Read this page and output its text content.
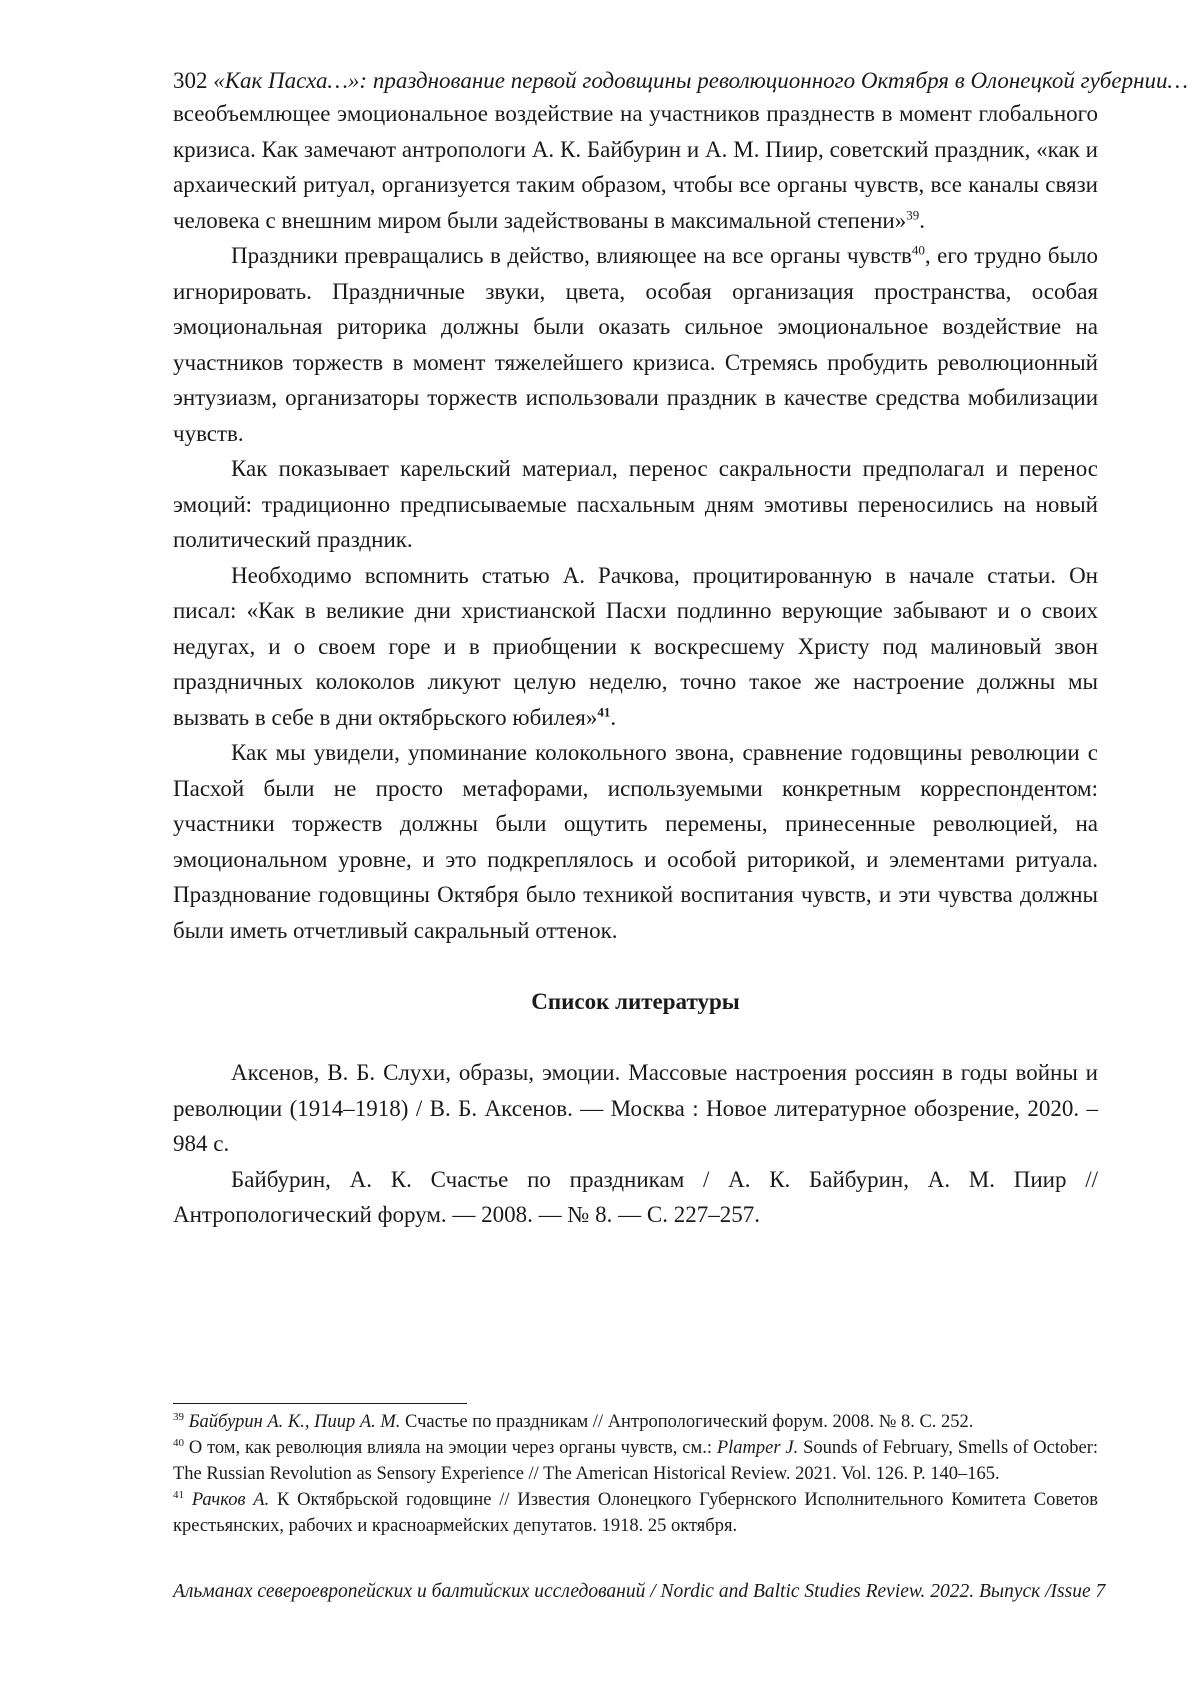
302 «Как Пасха…»: празднование первой годовщины революционного Октября в Олонецкой губернии…

всеобъемлющее эмоциональное воздействие на участников празднеств в момент глобального кризиса. Как замечают антропологи А. К. Байбурин и А. М. Пиир, советский праздник, «как и архаический ритуал, организуется таким образом, чтобы все органы чувств, все каналы связи человека с внешним миром были задействованы в максимальной степени»$^{39}$.

Праздники превращались в действо, влияющее на все органы чувств$^{40}$, его трудно было игнорировать. Праздничные звуки, цвета, особая организация пространства, особая эмоциональная риторика должны были оказать сильное эмоциональное воздействие на участников торжеств в момент тяжелейшего кризиса. Стремясь пробудить революционный энтузиазм, организаторы торжеств использовали праздник в качестве средства мобилизации чувств.

Как показывает карельский материал, перенос сакральности предполагал и перенос эмоций: традиционно предписываемые пасхальным дням эмотивы переносились на новый политический праздник.

Необходимо вспомнить статью А. Рачкова, процитированную в начале статьи. Он писал: «Как в великие дни христианской Пасхи подлинно верующие забывают и о своих недугах, и о своем горе и в приобщении к воскресшему Христу под малиновый звон праздничных колоколов ликуют целую неделю, точно такое же настроение должны мы вызвать в себе в дни октябрьского юбилея»$^{41}$.

Как мы увидели, упоминание колокольного звона, сравнение годовщины революции с Пасхой были не просто метафорами, используемыми конкретным корреспондентом: участники торжеств должны были ощутить перемены, принесенные революцией, на эмоциональном уровне, и это подкреплялось и особой риторикой, и элементами ритуала. Празднование годовщины Октября было техникой воспитания чувств, и эти чувства должны были иметь отчетливый сакральный оттенок.

Список литературы

Аксенов, В. Б. Слухи, образы, эмоции. Массовые настроения россиян в годы войны и революции (1914–1918) / В. Б. Аксенов. — Москва : Новое литературное обозрение, 2020. – 984 с.

Байбурин, А. К. Счастье по праздникам / А. К. Байбурин, А. М. Пиир // Антропологический форум. — 2008. — № 8. — С. 227–257.

$^{39}$ Байбурин А. К., Пиир А. М. Счастье по праздникам // Антропологический форум. 2008. № 8. С. 252.

$^{40}$ О том, как революция влияла на эмоции через органы чувств, см.: Plamper J. Sounds of February, Smells of October: The Russian Revolution as Sensory Experience // The American Historical Review. 2021. Vol. 126. P. 140–165.

$^{41}$ Рачков А. К Октябрьской годовщине // Известия Олонецкого Губернского Исполнительного Комитета Советов крестьянских, рабочих и красноармейских депутатов. 1918. 25 октября.

Альманах североевропейских и балтийских исследований / Nordic and Baltic Studies Review. 2022. Выпуск /Issue 7
